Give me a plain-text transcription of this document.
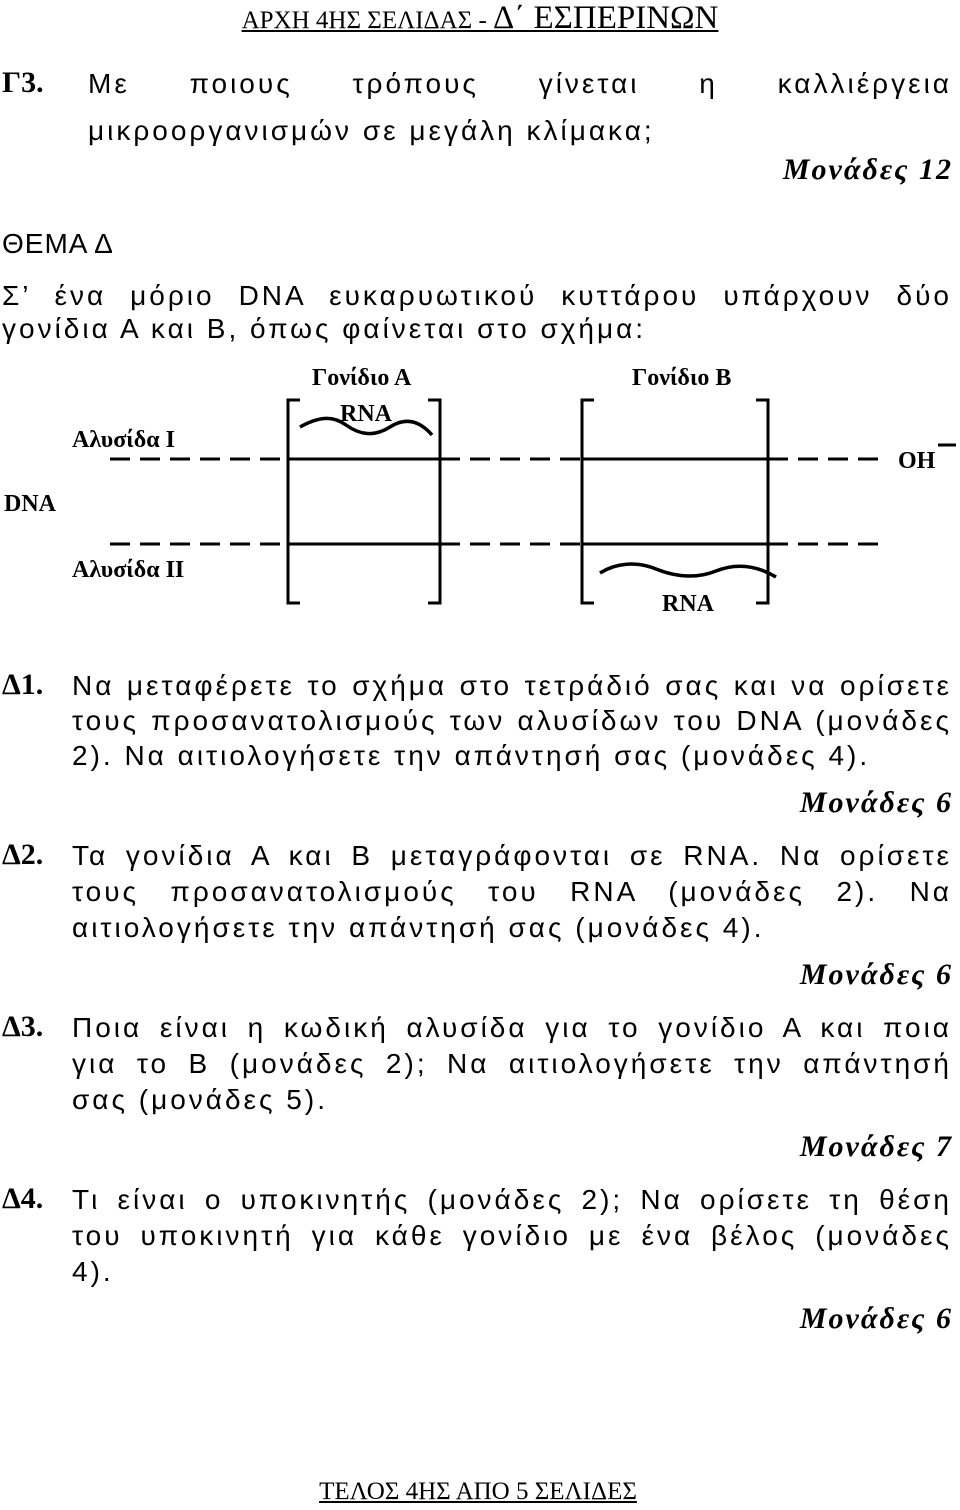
ΑΡΧΗ 4ΗΣ ΣΕΛΙΔΑΣ - Δ΄ ΕΣΠΕΡΙΝΩΝ
Γ3. Με ποιους τρόπους γίνεται η καλλιέργεια
μικροοργανισμών σε μεγάλη κλίμακα;
Μονάδες 12
ΘΕΜΑ Δ
Σ’ ένα μόριο DNA ευκαρυωτικού κυττάρου υπάρχουν δύο
γονίδια Α και Β, όπως φαίνεται στο σχήμα:
Γονίδιο Α	Γονίδιο Β
RNA
Αλυσίδα Ι
DNA
OH
Αλυσίδα ΙΙ
RNA
Δ1. Να μεταφέρετε το σχήμα στο τετράδιό σας και να ορίσετε
τους προσανατολισμούς των αλυσίδων του DNA (μονάδες
2). Να αιτιολογήσετε την απάντησή σας (μονάδες 4).
Μονάδες 6
Δ2. Τα γονίδια Α και Β μεταγράφονται σε RNA. Να ορίσετε
τους προσανατολισμούς του RNA (μονάδες 2). Να
αιτιολογήσετε την απάντησή σας (μονάδες 4).
Μονάδες 6
Δ3. Ποια είναι η κωδική αλυσίδα για το γονίδιο Α και ποια
για το Β (μονάδες 2); Να αιτιολογήσετε την απάντησή
σας (μονάδες 5).
Μονάδες 7
Δ4. Τι είναι ο υποκινητής (μονάδες 2); Να ορίσετε τη θέση
του υποκινητή για κάθε γονίδιο με ένα βέλος (μονάδες
4).
Μονάδες 6
ΤΕΛΟΣ 4ΗΣ ΑΠΟ 5 ΣΕΛΙΔΕΣ
